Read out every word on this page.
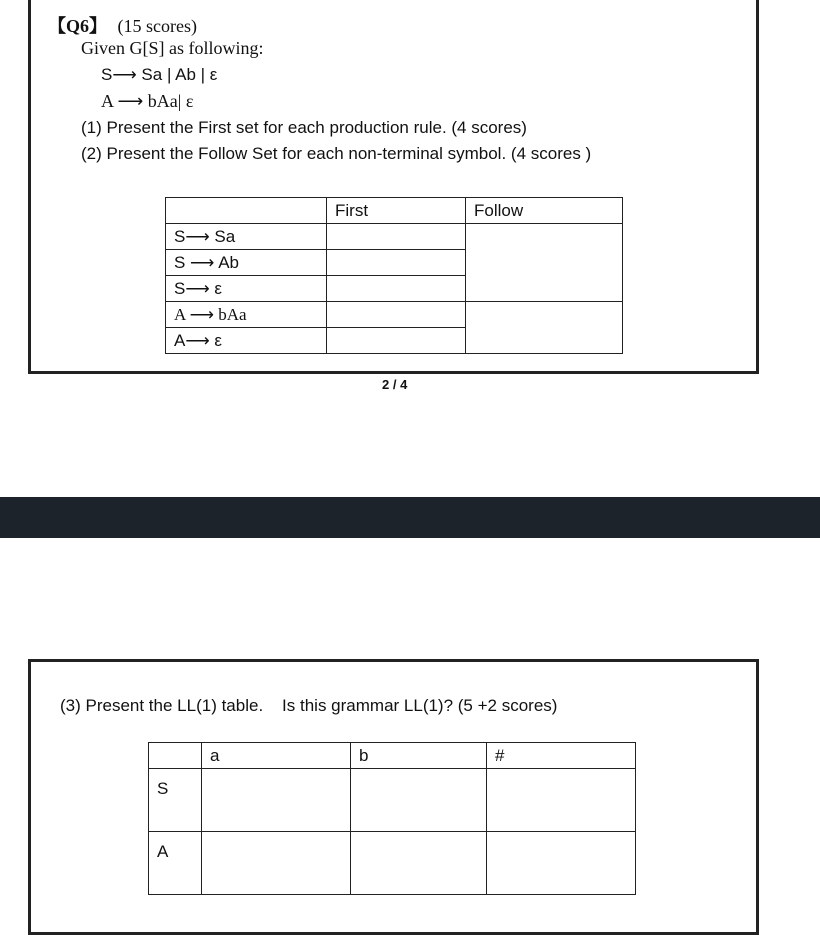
【Q6】 (15 scores)
Given G[S] as following:
S⟶ Sa | Ab | ε
A ⟶ bAa| ε
(1) Present the First set for each production rule. (4 scores)
(2) Present the Follow Set for each non-terminal symbol. (4 scores )
	First	Follow
S⟶ Sa		
S ⟶ Ab		
S⟶ ε		
A ⟶ bAa		
A⟶ ε		
2 / 4
(3) Present the LL(1) table.    Is this grammar LL(1)? (5 +2 scores)
	a	b	#
S			
A			
